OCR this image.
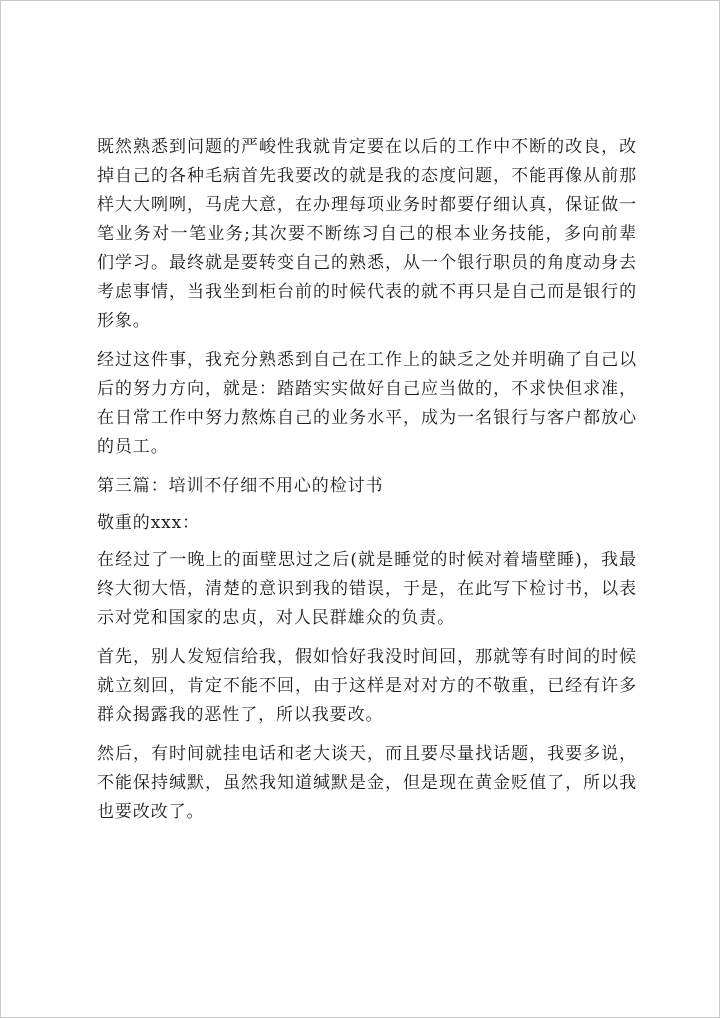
既然熟悉到问题的严峻性我就肯定要在以后的工作中不断的改良，改掉自己的各种毛病首先我要改的就是我的态度问题，不能再像从前那样大大咧咧，马虎大意，在办理每项业务时都要仔细认真，保证做一笔业务对一笔业务;其次要不断练习自己的根本业务技能，多向前辈们学习。最终就是要转变自己的熟悉，从一个银行职员的角度动身去考虑事情，当我坐到柜台前的时候代表的就不再只是自己而是银行的形象。

经过这件事，我充分熟悉到自己在工作上的缺乏之处并明确了自己以后的努力方向，就是：踏踏实实做好自己应当做的，不求快但求准，在日常工作中努力熬炼自己的业务水平，成为一名银行与客户都放心的员工。

第三篇：培训不仔细不用心的检讨书

敬重的xxx：

在经过了一晚上的面壁思过之后(就是睡觉的时候对着墙壁睡)，我最终大彻大悟，清楚的意识到我的错误，于是，在此写下检讨书，以表示对党和国家的忠贞，对人民群雄众的负责。

首先，别人发短信给我，假如恰好我没时间回，那就等有时间的时候就立刻回，肯定不能不回，由于这样是对对方的不敬重，已经有许多群众揭露我的恶性了，所以我要改。

然后，有时间就挂电话和老大谈天，而且要尽量找话题，我要多说，不能保持缄默，虽然我知道缄默是金，但是现在黄金贬值了，所以我也要改改了。
